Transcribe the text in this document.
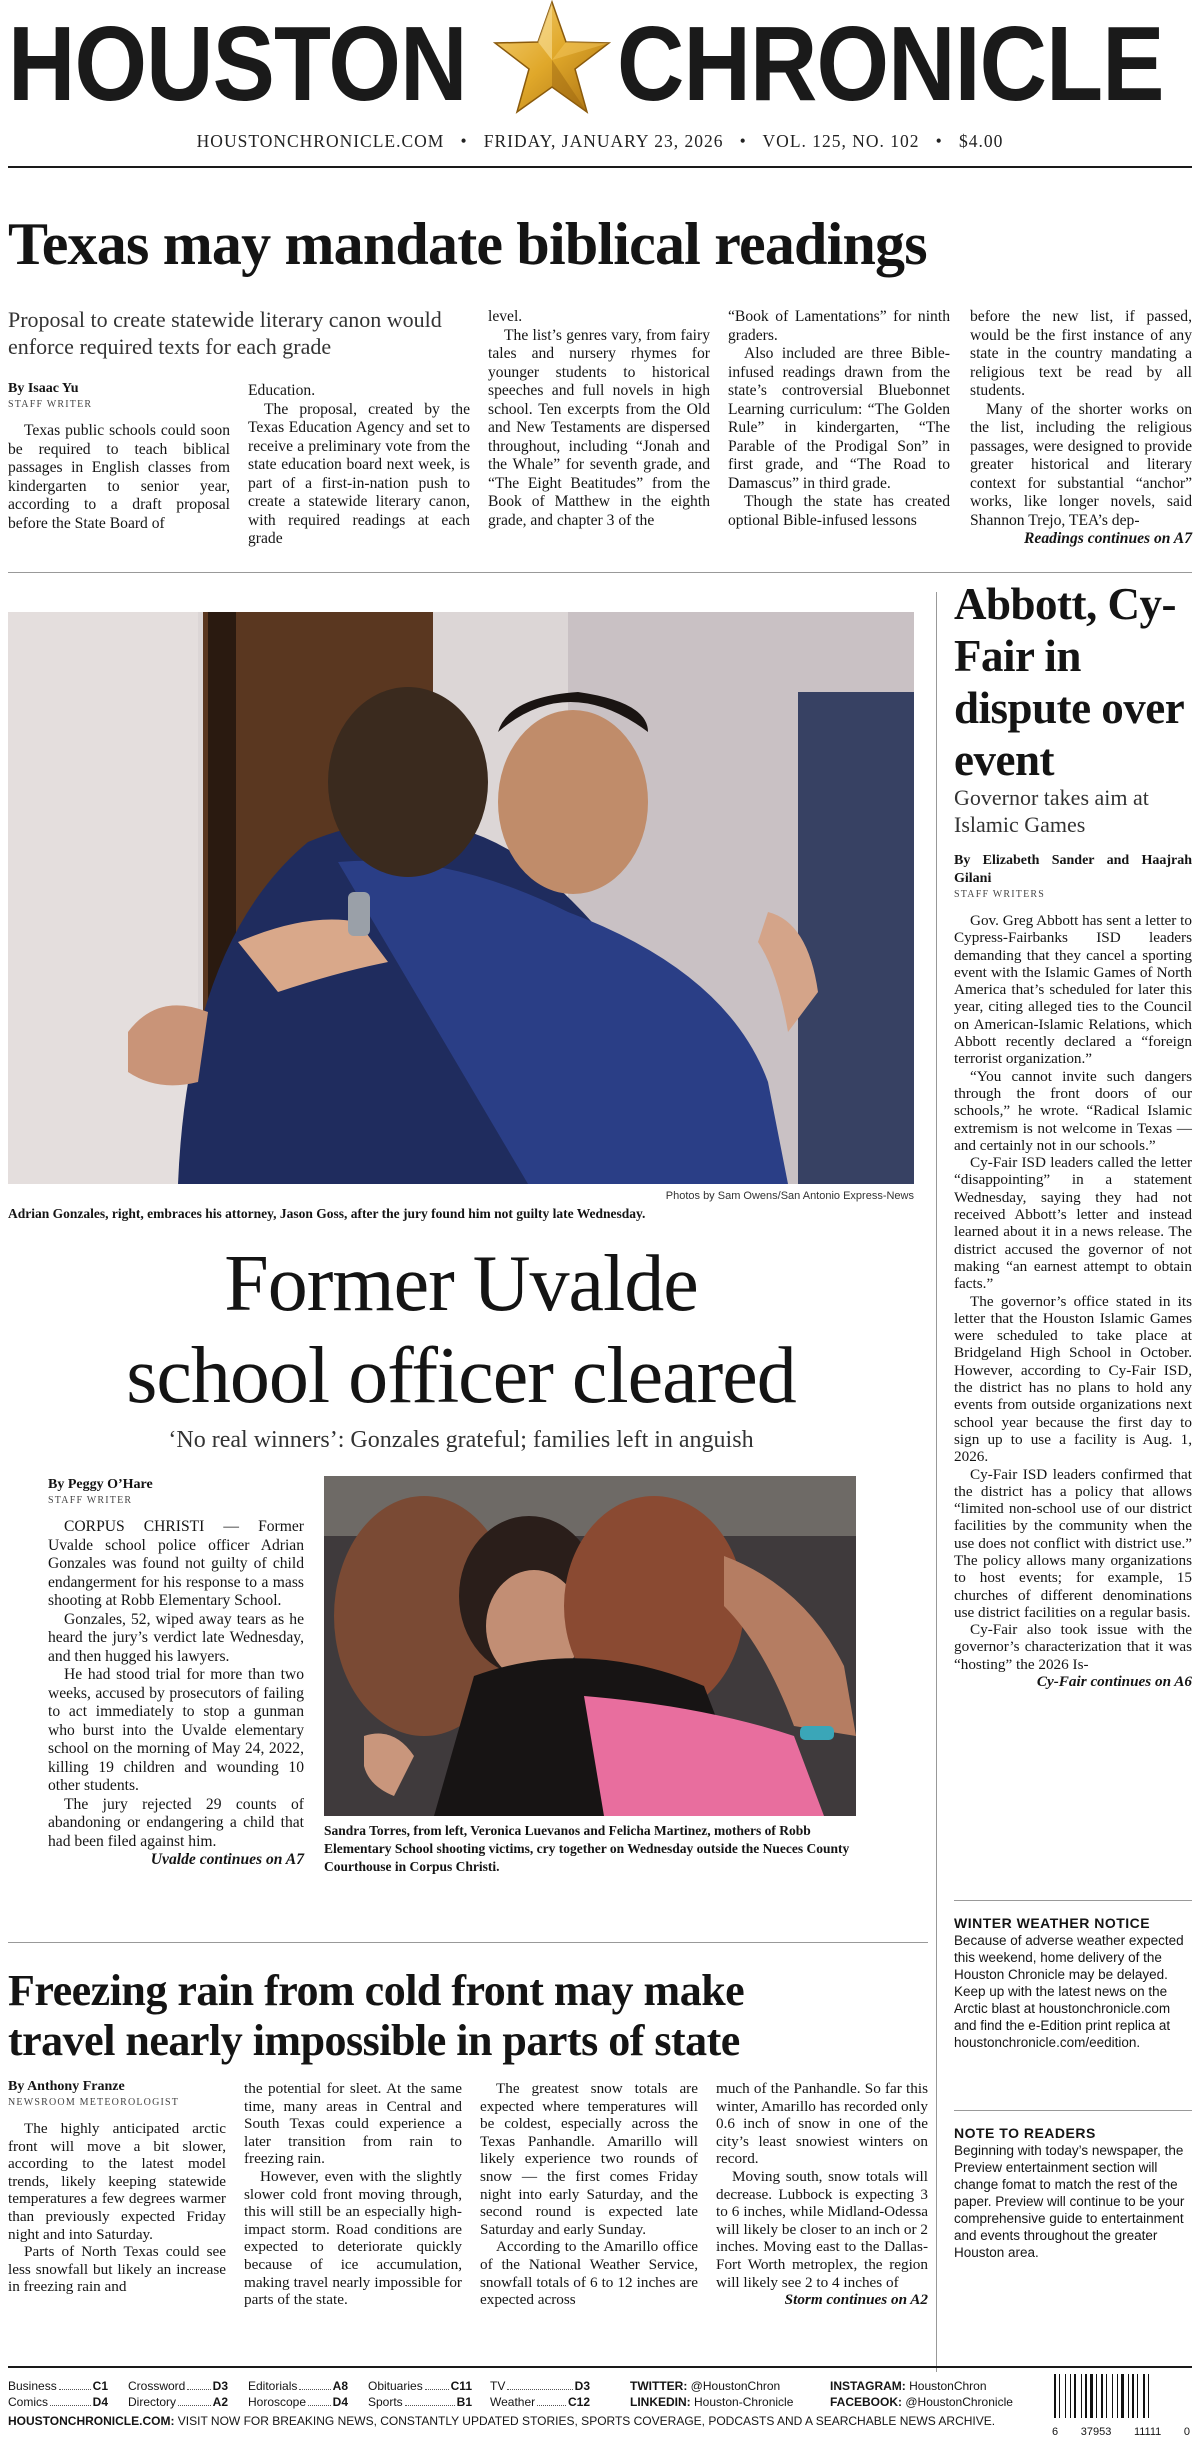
HOUSTON CHRONICLE
HOUSTONCHRONICLE.COM • FRIDAY, JANUARY 23, 2026 • VOL. 125, NO. 102 • $4.00
Texas may mandate biblical readings
Proposal to create statewide literary canon would enforce required texts for each grade
By Isaac Yu
STAFF WRITER

Texas public schools could soon be required to teach biblical passages in English classes from kindergarten to senior year, according to a draft proposal before the State Board of

Education.

The proposal, created by the Texas Education Agency and set to receive a preliminary vote from the state education board next week, is part of a first-in-nation push to create a statewide literary canon, with required readings at each grade

level.

The list’s genres vary, from fairy tales and nursery rhymes for younger students to historical speeches and full novels in high school. Ten excerpts from the Old and New Testaments are dispersed throughout, including “Jonah and the Whale” for seventh grade, and “The Eight Beatitudes” from the Book of Matthew in the eighth grade, and chapter 3 of the

“Book of Lamentations” for ninth graders.

Also included are three Bible-infused readings drawn from the state’s controversial Bluebonnet Learning curriculum: “The Golden Rule” in kindergarten, “The Parable of the Prodigal Son” in first grade, and “The Road to Damascus” in third grade.

Though the state has created optional Bible-infused lessons

before the new list, if passed, would be the first instance of any state in the country mandating a religious text be read by all students.

Many of the shorter works on the list, including the religious passages, were designed to provide greater historical and literary context for substantial “anchor” works, like longer novels, said Shannon Trejo, TEA’s dep-

Readings continues on A7

Photos by Sam Owens/San Antonio Express-News
Adrian Gonzales, right, embraces his attorney, Jason Goss, after the jury found him not guilty late Wednesday.
Former Uvalde
school officer cleared
‘No real winners’: Gonzales grateful; families left in anguish
By Peggy O’Hare
STAFF WRITER

CORPUS CHRISTI — Former Uvalde school police officer Adrian Gonzales was found not guilty of child endangerment for his response to a mass shooting at Robb Elementary School.

Gonzales, 52, wiped away tears as he heard the jury’s verdict late Wednesday, and then hugged his lawyers.

He had stood trial for more than two weeks, accused by prosecutors of failing to act immediately to stop a gunman who burst into the Uvalde elementary school on the morning of May 24, 2022, killing 19 children and wounding 10 other students.

The jury rejected 29 counts of abandoning or endangering a child that had been filed against him.

Uvalde continues on A7

Sandra Torres, from left, Veronica Luevanos and Felicha Martinez, mothers of Robb Elementary School shooting victims, cry together on Wednesday outside the Nueces County Courthouse in Corpus Christi.
Abbott, Cy-Fair in dispute over event
Governor takes aim at Islamic Games
By Elizabeth Sander and Haajrah Gilani
STAFF WRITERS

Gov. Greg Abbott has sent a letter to Cypress-Fairbanks ISD leaders demanding that they cancel a sporting event with the Islamic Games of North America that’s scheduled for later this year, citing alleged ties to the Council on American-Islamic Relations, which Abbott recently declared a “foreign terrorist organization.”

“You cannot invite such dangers through the front doors of our schools,” he wrote. “Radical Islamic extremism is not welcome in Texas — and certainly not in our schools.”

Cy-Fair ISD leaders called the letter “disappointing” in a statement Wednesday, saying they had not received Abbott’s letter and instead learned about it in a news release. The district accused the governor of not making “an earnest attempt to obtain facts.”

The governor’s office stated in its letter that the Houston Islamic Games were scheduled to take place at Bridgeland High School in October. However, according to Cy-Fair ISD, the district has no plans to hold any events from outside organizations next school year because the first day to sign up to use a facility is Aug. 1, 2026.

Cy-Fair ISD leaders confirmed that the district has a policy that allows “limited non-school use of our district facilities by the community when the use does not conflict with district use.” The policy allows many organizations to host events; for example, 15 churches of different denominations use district facilities on a regular basis.

Cy-Fair also took issue with the governor’s characterization that it was “hosting” the 2026 Is-

Cy-Fair continues on A6

WINTER WEATHER NOTICE
Because of adverse weather expected this weekend, home delivery of the Houston Chronicle may be delayed. Keep up with the latest news on the Arctic blast at houstonchronicle.com and find the e-Edition print replica at houstonchronicle.com/eedition.
NOTE TO READERS
Beginning with today’s newspaper, the Preview entertainment section will change fomat to match the rest of the paper. Preview will continue to be your comprehensive guide to entertainment and events throughout the greater Houston area.
Freezing rain from cold front may make
travel nearly impossible in parts of state
By Anthony Franze
NEWSROOM METEOROLOGIST

The highly anticipated arctic front will move a bit slower, according to the latest model trends, likely keeping statewide temperatures a few degrees warmer than previously expected Friday night and into Saturday.

Parts of North Texas could see less snowfall but likely an increase in freezing rain and

the potential for sleet. At the same time, many areas in Central and South Texas could experience a later transition from rain to freezing rain.

However, even with the slightly slower cold front moving through, this will still be an especially high-impact storm. Road conditions are expected to deteriorate quickly because of ice accumulation, making travel nearly impossible for parts of the state.

The greatest snow totals are expected where temperatures will be coldest, especially across the Texas Panhandle. Amarillo will likely experience two rounds of snow — the first comes Friday night into early Saturday, and the second round is expected late Saturday and early Sunday.

According to the Amarillo office of the National Weather Service, snowfall totals of 6 to 12 inches are expected across

much of the Panhandle. So far this winter, Amarillo has recorded only 0.6 inch of snow in one of the city’s least snowiest winters on record.

Moving south, snow totals will decrease. Lubbock is expecting 3 to 6 inches, while Midland-Odessa will likely be closer to an inch or 2 inches. Moving east to the Dallas-Fort Worth metroplex, the region will likely see 2 to 4 inches of

Storm continues on A2

Business	C1
Comics	D4
Crossword D3
Directory	A2
Editorials	A8
Horoscope D4
Obituaries C11
Sports	B1
TV	D3
Weather	C12
TWITTER: @HoustonChron
LINKEDIN: Houston-Chronicle
INSTAGRAM: HoustonChron
FACEBOOK: @HoustonChronicle
HOUSTONCHRONICLE.COM: VISIT NOW FOR BREAKING NEWS, CONSTANTLY UPDATED STORIES, SPORTS COVERAGE, PODCASTS AND A SEARCHABLE NEWS ARCHIVE.
6 37953 11111 0
